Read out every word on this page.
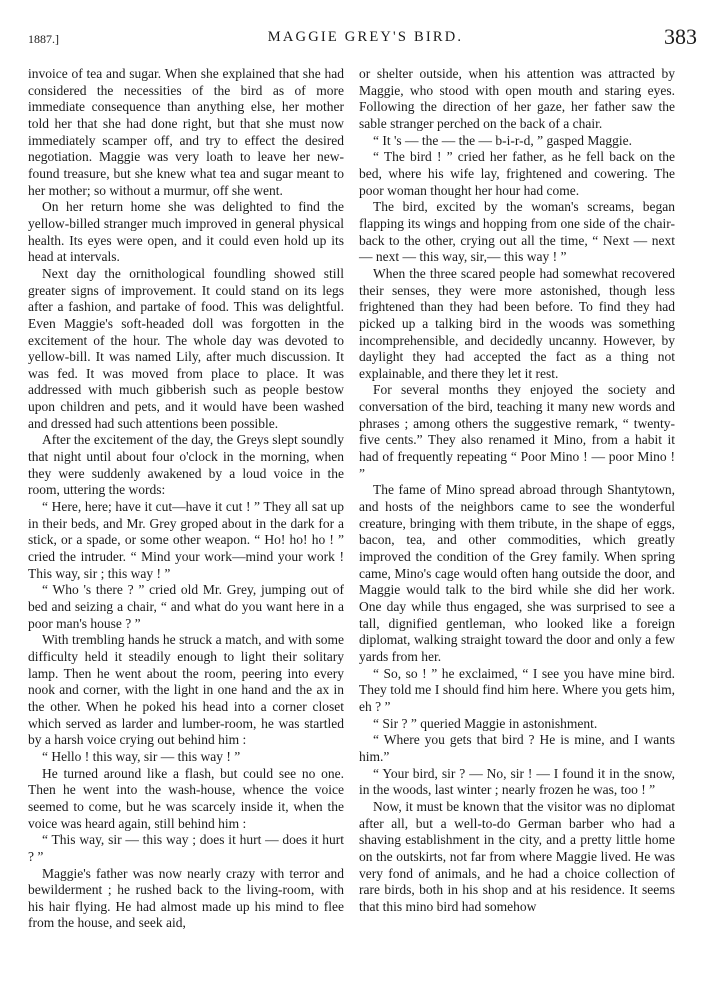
1887.]	MAGGIE GREY'S BIRD.	383

invoice of tea and sugar. When she explained that she had considered the necessities of the bird as of more immediate consequence than anything else, her mother told her that she had done right, but that she must now immediately scamper off, and try to effect the desired negotiation. Maggie was very loath to leave her new-found treasure, but she knew what tea and sugar meant to her mother; so without a murmur, off she went.

On her return home she was delighted to find the yellow-billed stranger much improved in general physical health. Its eyes were open, and it could even hold up its head at intervals.

Next day the ornithological foundling showed still greater signs of improvement. It could stand on its legs after a fashion, and partake of food. This was delightful. Even Maggie's soft-headed doll was forgotten in the excitement of the hour. The whole day was devoted to yellow-bill. It was named Lily, after much discussion. It was fed. It was moved from place to place. It was addressed with much gibberish such as people bestow upon children and pets, and it would have been washed and dressed had such attentions been possible.

After the excitement of the day, the Greys slept soundly that night until about four o'clock in the morning, when they were suddenly awakened by a loud voice in the room, uttering the words:

“ Here, here; have it cut—have it cut ! ” They all sat up in their beds, and Mr. Grey groped about in the dark for a stick, or a spade, or some other weapon. “ Ho! ho! ho ! ” cried the intruder. “ Mind your work—mind your work ! This way, sir ; this way ! ”

“ Who 's there ? ” cried old Mr. Grey, jumping out of bed and seizing a chair, “ and what do you want here in a poor man's house ? ”

With trembling hands he struck a match, and with some difficulty held it steadily enough to light their solitary lamp. Then he went about the room, peering into every nook and corner, with the light in one hand and the ax in the other. When he poked his head into a corner closet which served as larder and lumber-room, he was startled by a harsh voice crying out behind him :

“ Hello ! this way, sir — this way ! ”

He turned around like a flash, but could see no one. Then he went into the wash-house, whence the voice seemed to come, but he was scarcely inside it, when the voice was heard again, still behind him :

“ This way, sir — this way ; does it hurt — does it hurt ? ”

Maggie's father was now nearly crazy with terror and bewilderment ; he rushed back to the living-room, with his hair flying. He had almost made up his mind to flee from the house, and seek aid,

or shelter outside, when his attention was attracted by Maggie, who stood with open mouth and staring eyes. Following the direction of her gaze, her father saw the sable stranger perched on the back of a chair.

“ It 's — the — the — b-i-r-d, ” gasped Maggie.

“ The bird ! ” cried her father, as he fell back on the bed, where his wife lay, frightened and cowering. The poor woman thought her hour had come.

The bird, excited by the woman's screams, began flapping its wings and hopping from one side of the chair-back to the other, crying out all the time, “ Next — next — next — this way, sir,— this way ! ”

When the three scared people had somewhat recovered their senses, they were more astonished, though less frightened than they had been before. To find they had picked up a talking bird in the woods was something incomprehensible, and decidedly uncanny. However, by daylight they had accepted the fact as a thing not explainable, and there they let it rest.

For several months they enjoyed the society and conversation of the bird, teaching it many new words and phrases ; among others the suggestive remark, “ twenty-five cents.” They also renamed it Mino, from a habit it had of frequently repeating “ Poor Mino ! — poor Mino ! ”

The fame of Mino spread abroad through Shantytown, and hosts of the neighbors came to see the wonderful creature, bringing with them tribute, in the shape of eggs, bacon, tea, and other commodities, which greatly improved the condition of the Grey family. When spring came, Mino's cage would often hang outside the door, and Maggie would talk to the bird while she did her work. One day while thus engaged, she was surprised to see a tall, dignified gentleman, who looked like a foreign diplomat, walking straight toward the door and only a few yards from her.

“ So, so ! ” he exclaimed, “ I see you have mine bird. They told me I should find him here. Where you gets him, eh ? ”

“ Sir ? ” queried Maggie in astonishment.

“ Where you gets that bird ? He is mine, and I wants him.”

“ Your bird, sir ? — No, sir ! — I found it in the snow, in the woods, last winter ; nearly frozen he was, too ! ”

Now, it must be known that the visitor was no diplomat after all, but a well-to-do German barber who had a shaving establishment in the city, and a pretty little home on the outskirts, not far from where Maggie lived. He was very fond of animals, and he had a choice collection of rare birds, both in his shop and at his residence. It seems that this mino bird had somehow
